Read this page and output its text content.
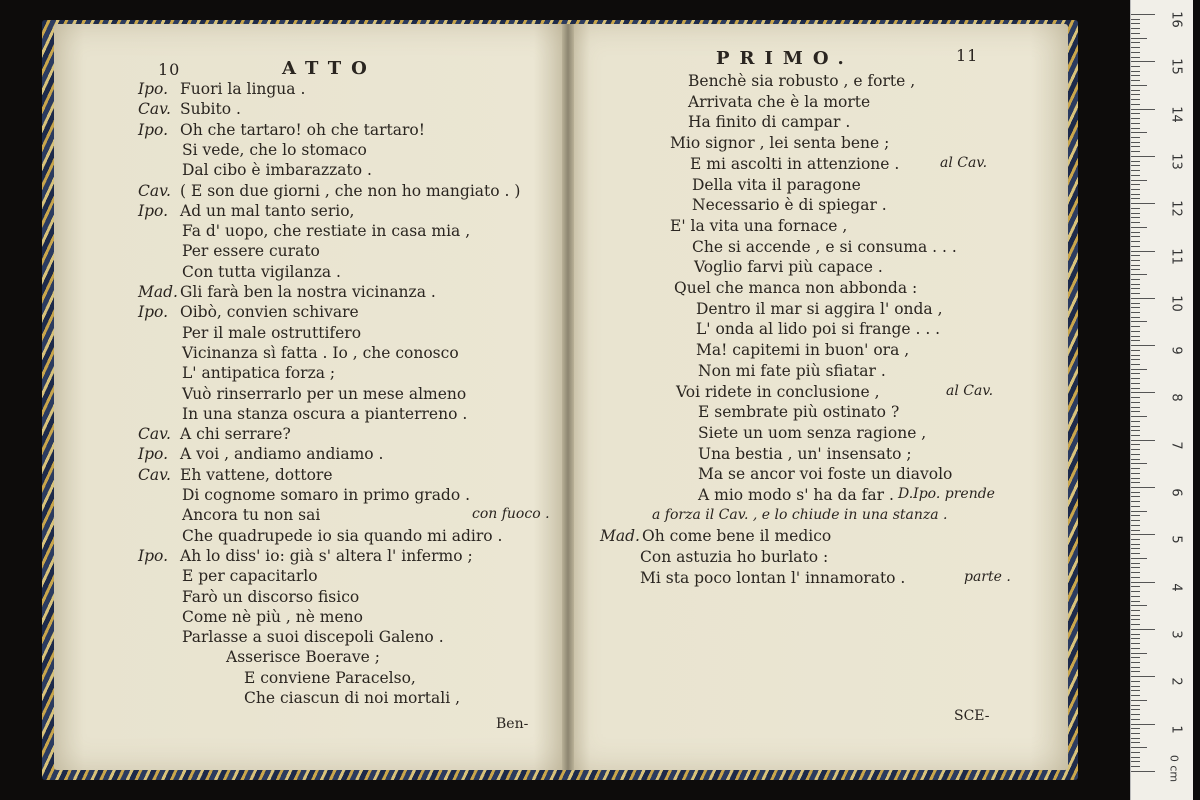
10	ATTO	PRIMO.	11
Ipo. Fuori la lingua .
Cav. Subito .
Ipo. Oh che tartaro! oh che tartaro!
Si vede, che lo stomaco
Dal cibo è imbarazzato .
Cav. ( E son due giorni , che non ho mangiato . )
Ipo. Ad un mal tanto serio,
Fa d' uopo, che restiate in casa mia ,
Per essere curato
Con tutta vigilanza .
Mad. Gli farà ben la nostra vicinanza .
Ipo. Oibò, convien schivare
Per il male ostruttifero
Vicinanza sì fatta . Io , che conosco
L' antipatica forza ;
Vuò rinserrarlo per un mese almeno
In una stanza oscura a pianterreno .
Cav. A chi serrare?
Ipo. A voi , andiamo andiamo .
Cav. Eh vattene, dottore
Di cognome somaro in primo grado .
Ancora tu non sai	con fuoco .
Che quadrupede io sia quando mi adiro .
Ipo. Ah lo diss' io: già s' altera l' infermo ;
E per capacitarlo
Farò un discorso fisico
Come nè più , nè meno
Parlasse a suoi discepoli Galeno .
Asserisce Boerave ;
E conviene Paracelso,
Che ciascun di noi mortali ,
Benchè sia robusto , e forte ,
Arrivata che è la morte
Ha finito di campar .
Mio signor , lei senta bene ;
E mi ascolti in attenzione .	al Cav.
Della vita il paragone
Necessario è di spiegar .
E' la vita una fornace ,
Che si accende , e si consuma . . .
Voglio farvi più capace .
Quel che manca non abbonda :
Dentro il mar si aggira l' onda ,
L' onda al lido poi si frange . . .
Ma! capitemi in buon' ora ,
Non mi fate più sfiatar .
Voi ridete in conclusione ,	al Cav.
E sembrate più ostinato ?
Siete un uom senza ragione ,
Una bestia , un' insensato ;
Ma se ancor voi foste un diavolo
A mio modo s' ha da far . D.Ipo. prende
a forza il Cav. , e lo chiude in una stanza .
Mad. Oh come bene il medico
Con astuzia ho burlato :
Mi sta poco lontan l' innamorato .	parte .
Ben-	SCE-
16
15
14
13
12
11
10
9
8
7
6
5
4
3
2
1
0 cm
